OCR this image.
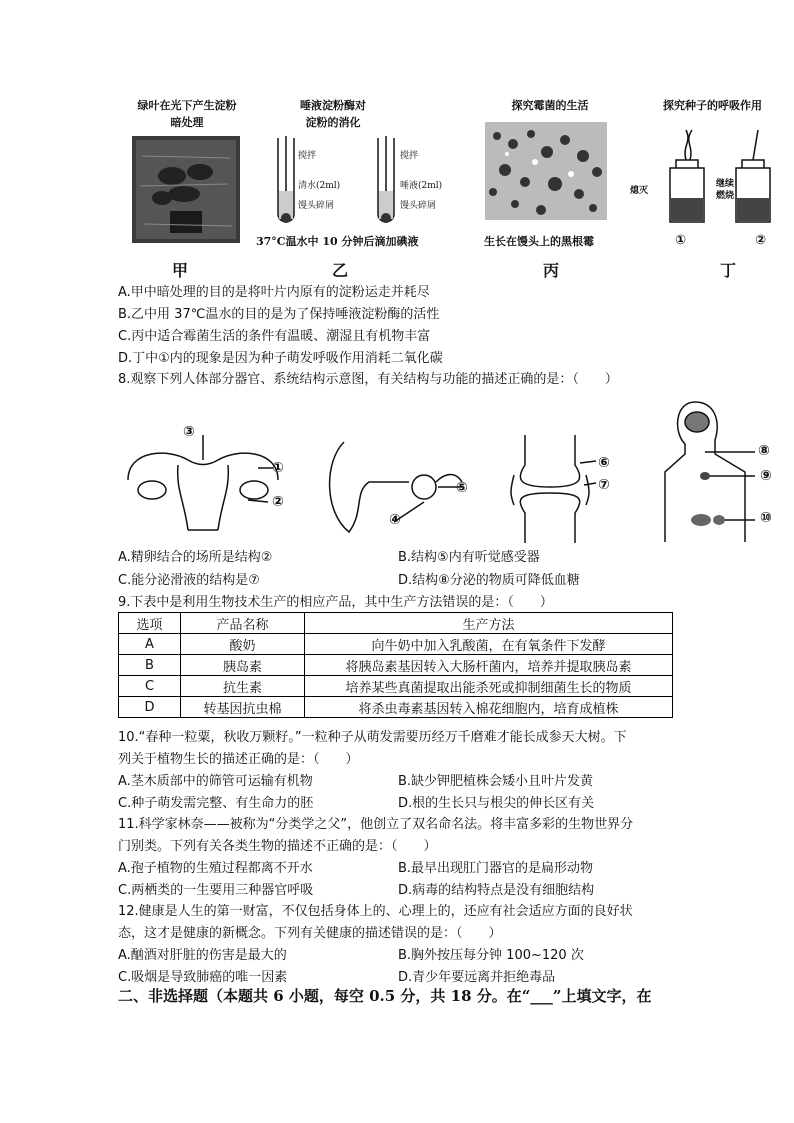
绿叶在光下产生淀粉
暗处理
甲
唾液淀粉酶对
淀粉的消化
搅拌
清水(2ml)
馒头碎屑
搅拌
唾液(2ml)
馒头碎屑
37°C温水中 10 分钟后滴加碘液
乙
探究霉菌的生活
生长在馒头上的黑根霉
丙
探究种子的呼吸作用
熄灭
继续
燃烧
①	②
丁
A.甲中暗处理的目的是将叶片内原有的淀粉运走并耗尽
B.乙中用 37℃温水的目的是为了保持唾液淀粉酶的活性
C.丙中适合霉菌生活的条件有温暖、潮湿且有机物丰富
D.丁中①内的现象是因为种子萌发呼吸作用消耗二氧化碳
8.观察下列人体部分器官、系统结构示意图，有关结构与功能的描述正确的是：（　　）
③
①
②
⑤
④
⑥
⑦
⑧
⑨
⑩
A.精卵结合的场所是结构②	B.结构⑤内有听觉感受器
C.能分泌滑液的结构是⑦	D.结构⑧分泌的物质可降低血糖
9.下表中是利用生物技术生产的相应产品，其中生产方法错误的是：（　　）
选项	产品名称	生产方法
A	酸奶	向牛奶中加入乳酸菌，在有氧条件下发酵
B	胰岛素	将胰岛素基因转入大肠杆菌内，培养并提取胰岛素
C	抗生素	培养某些真菌提取出能杀死或抑制细菌生长的物质
D	转基因抗虫棉	将杀虫毒素基因转入棉花细胞内，培育成植株
10.“春种一粒粟，秋收万颗籽。”一粒种子从萌发需要历经万千磨难才能长成参天大树。下
列关于植物生长的描述正确的是：（　　）
A.茎木质部中的筛管可运输有机物	B.缺少钾肥植株会矮小且叶片发黄
C.种子萌发需完整、有生命力的胚	D.根的生长只与根尖的伸长区有关
11.科学家林奈——被称为“分类学之父”，他创立了双名命名法。将丰富多彩的生物世界分
门别类。下列有关各类生物的描述不正确的是：（　　）
A.孢子植物的生殖过程都离不开水	B.最早出现肛门器官的是扁形动物
C.两栖类的一生要用三种器官呼吸	D.病毒的结构特点是没有细胞结构
12.健康是人生的第一财富，不仅包括身体上的、心理上的，还应有社会适应方面的良好状
态，这才是健康的新概念。下列有关健康的描述错误的是：（　　）
A.酗酒对肝脏的伤害是最大的	B.胸外按压每分钟 100~120 次
C.吸烟是导致肺癌的唯一因素	D.青少年要远离并拒绝毒品
二、非选择题（本题共 6 小题，每空 0.5 分，共 18 分。在“___”上填文字，在
